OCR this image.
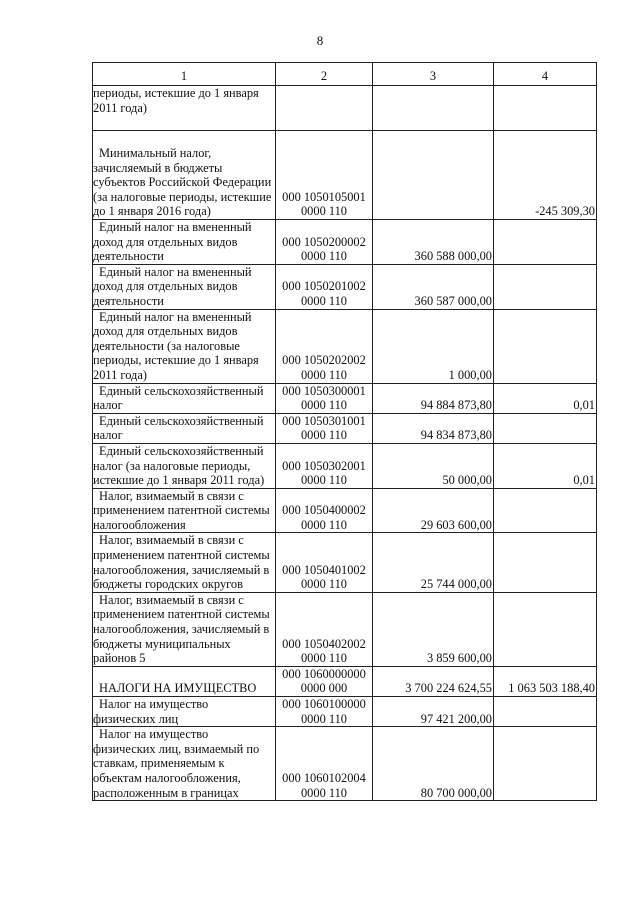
8
1	2	3	4

периоды, истекшие до 1 января 2011 года)			

Минимальный налог, зачисляемый в бюджеты субъектов Российской Федерации (за налоговые периоды, истекшие до 1 января 2016 года)	000 1050105001 0000 110		-245 309,30

Единый налог на вмененный доход для отдельных видов деятельности	000 1050200002 0000 110	360 588 000,00	

Единый налог на вмененный доход для отдельных видов деятельности	000 1050201002 0000 110	360 587 000,00	

Единый налог на вмененный доход для отдельных видов деятельности (за налоговые периоды, истекшие до 1 января 2011 года)	000 1050202002 0000 110	1 000,00	

Единый сельскохозяйственный налог	000 1050300001 0000 110	94 884 873,80	0,01

Единый сельскохозяйственный налог	000 1050301001 0000 110	94 834 873,80	

Единый сельскохозяйственный налог (за налоговые периоды, истекшие до 1 января 2011 года)	000 1050302001 0000 110	50 000,00	0,01

Налог, взимаемый в связи с применением патентной системы налогообложения	000 1050400002 0000 110	29 603 600,00	

Налог, взимаемый в связи с применением патентной системы налогообложения, зачисляемый в бюджеты городских округов	000 1050401002 0000 110	25 744 000,00	

Налог, взимаемый в связи с применением патентной системы налогообложения, зачисляемый в бюджеты муниципальных районов 5	000 1050402002 0000 110	3 859 600,00	

НАЛОГИ НА ИМУЩЕСТВО	000 1060000000 0000 000	3 700 224 624,55	1 063 503 188,40

Налог на имущество физических лиц	000 1060100000 0000 110	97 421 200,00	

Налог на имущество физических лиц, взимаемый по ставкам, применяемым к объектам налогообложения, расположенным в границах	000 1060102004 0000 110	80 700 000,00	
